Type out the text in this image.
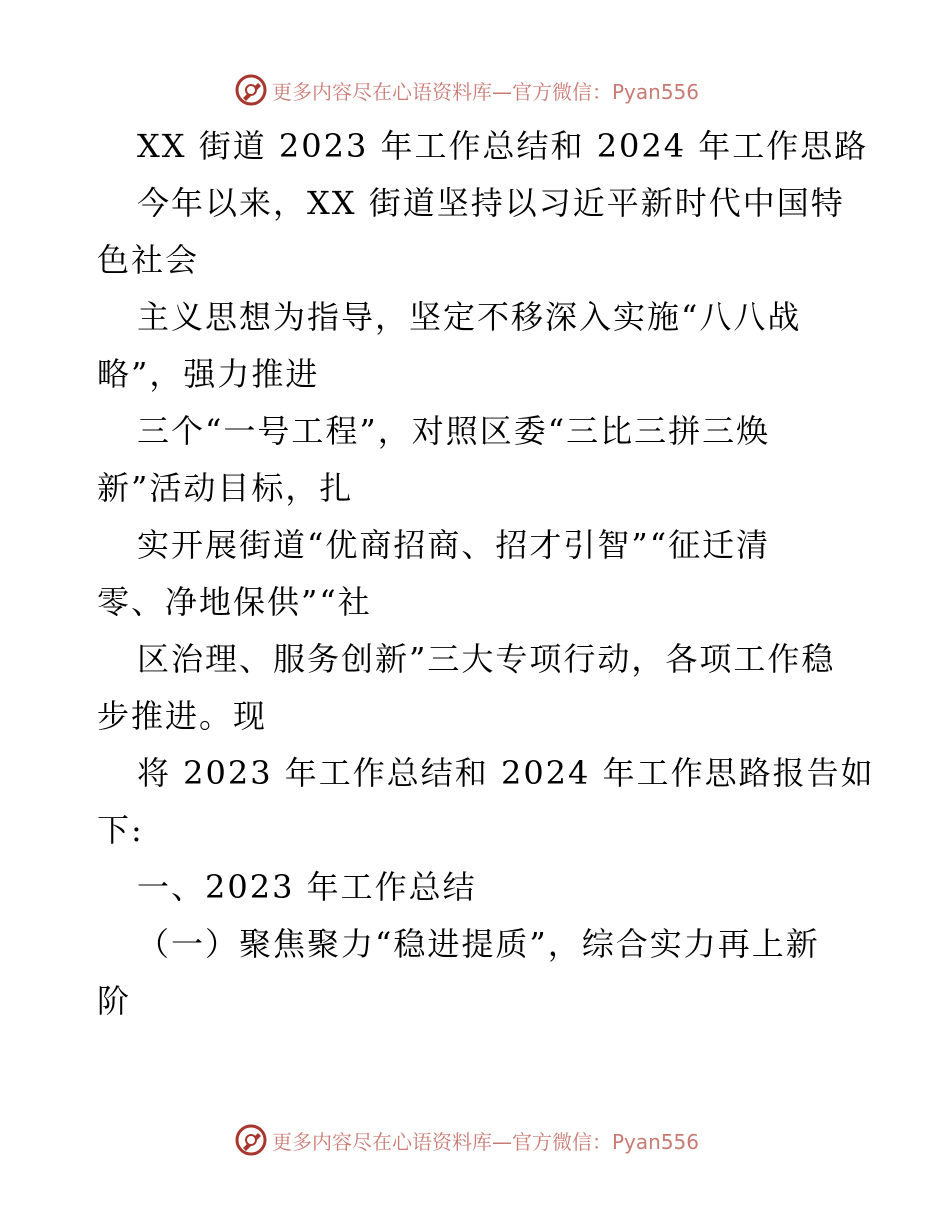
更多内容尽在心语资料库—官方微信：Pyan556
XX 街道 2023 年工作总结和 2024 年工作思路
今年以来，XX 街道坚持以习近平新时代中国特
色社会
主义思想为指导，坚定不移深入实施“八八战
略”，强力推进
三个“一号工程”，对照区委“三比三拼三焕
新”活动目标，扎
实开展街道“优商招商、招才引智”“征迁清
零、净地保供”“社
区治理、服务创新”三大专项行动，各项工作稳
步推进。现
将 2023 年工作总结和 2024 年工作思路报告如
下:
一、2023 年工作总结
（一）聚焦聚力“稳进提质”，综合实力再上新
阶
更多内容尽在心语资料库—官方微信：Pyan556
